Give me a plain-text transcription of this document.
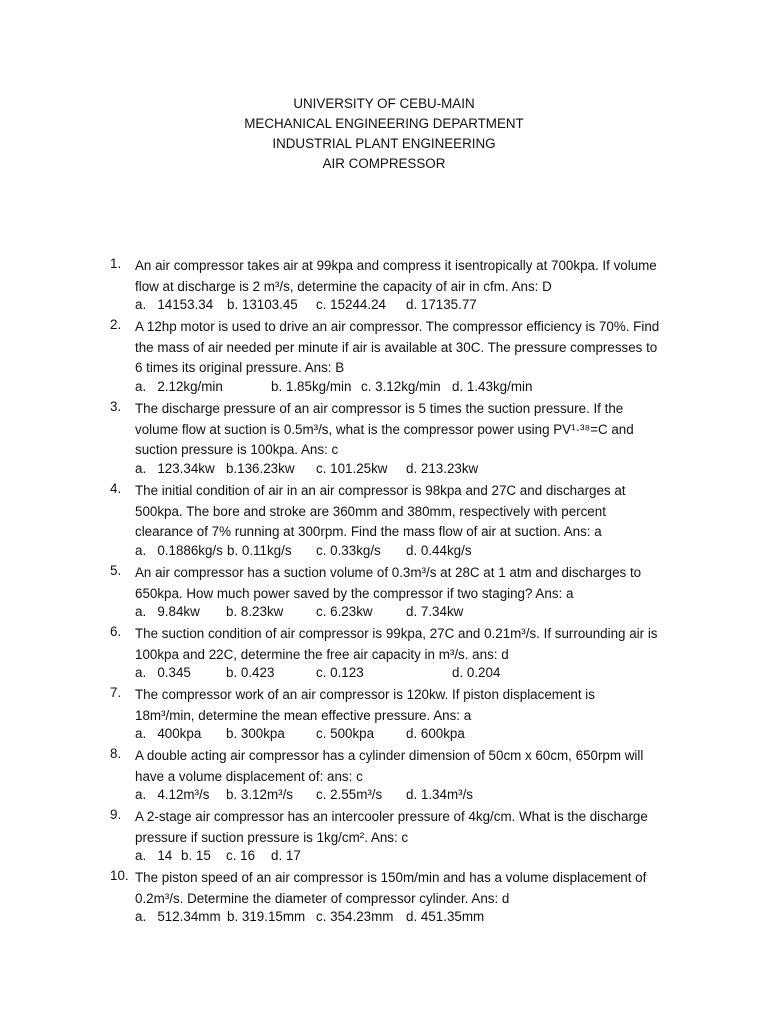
UNIVERSITY OF CEBU-MAIN
MECHANICAL ENGINEERING DEPARTMENT
INDUSTRIAL PLANT ENGINEERING
AIR COMPRESSOR
1.	An air compressor takes air at 99kpa and compress it isentropically at 700kpa. If volume
flow at discharge is 2 m³/s, determine the capacity of air in cfm. Ans: D
a.   14153.34 b. 13103.45 c. 15244.24 d. 17135.77
2.	A 12hp motor is used to drive an air compressor. The compressor efficiency is 70%. Find
the mass of air needed per minute if air is available at 30C. The pressure compresses to
6 times its original pressure. Ans: B
a.   2.12kg/min	b. 1.85kg/min c. 3.12kg/min d. 1.43kg/min
3.	The discharge pressure of an air compressor is 5 times the suction pressure. If the
volume flow at suction is 0.5m³/s, what is the compressor power using PV¹·³⁸=C and
suction pressure is 100kpa. Ans: c
a.   123.34kw b.136.23kw c. 101.25kw d. 213.23kw
4.	The initial condition of air in an air compressor is 98kpa and 27C and discharges at
500kpa. The bore and stroke are 360mm and 380mm, respectively with percent
clearance of 7% running at 300rpm. Find the mass flow of air at suction. Ans: a
a.   0.1886kg/s b. 0.11kg/s c. 0.33kg/s d. 0.44kg/s
5.	An air compressor has a suction volume of 0.3m³/s at 28C at 1 atm and discharges to
650kpa. How much power saved by the compressor if two staging? Ans: a
a.   9.84kw b. 8.23kw c. 6.23kw d. 7.34kw
6.	The suction condition of air compressor is 99kpa, 27C and 0.21m³/s. If surrounding air is
100kpa and 22C, determine the free air capacity in m³/s. ans: d
a.   0.345	b. 0.423	c. 0.123	d. 0.204
7.	The compressor work of an air compressor is 120kw. If piston displacement is
18m³/min, determine the mean effective pressure. Ans: a
a.   400kpa b. 300kpa c. 500kpa d. 600kpa
8.	A double acting air compressor has a cylinder dimension of 50cm x 60cm, 650rpm will
have a volume displacement of: ans: c
a.   4.12m³/s b. 3.12m³/s c. 2.55m³/s d. 1.34m³/s
9.	A 2-stage air compressor has an intercooler pressure of 4kg/cm. What is the discharge
pressure if suction pressure is 1kg/cm². Ans: c
a.   14 b. 15 c. 16 d. 17
10. The piston speed of an air compressor is 150m/min and has a volume displacement of
0.2m³/s. Determine the diameter of compressor cylinder. Ans: d
a.   512.34mm b. 319.15mm c. 354.23mm d. 451.35mm
